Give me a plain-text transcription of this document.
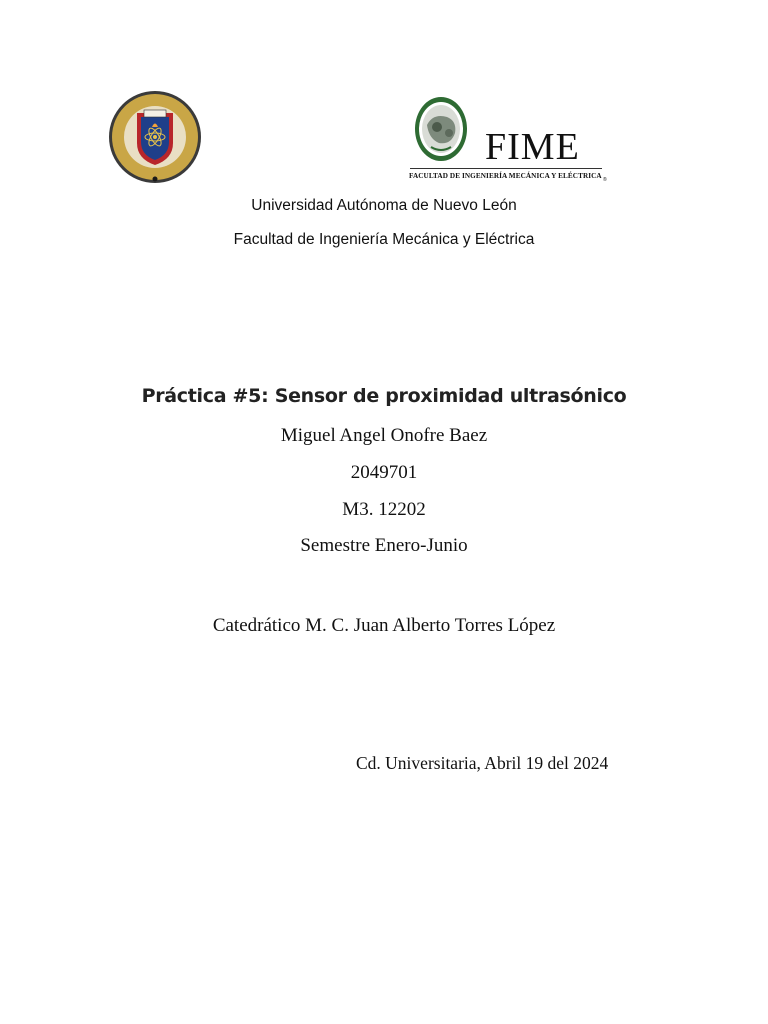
FIME
FACULTAD DE INGENIERÍA MECÁNICA Y ELÉCTRICA ®
Universidad Autónoma de Nuevo León
Facultad de Ingeniería Mecánica y Eléctrica
Práctica #5: Sensor de proximidad ultrasónico
Miguel Angel Onofre Baez
2049701
M3. 12202
Semestre Enero-Junio
Catedrático M. C. Juan Alberto Torres López
Cd. Universitaria, Abril 19 del 2024
